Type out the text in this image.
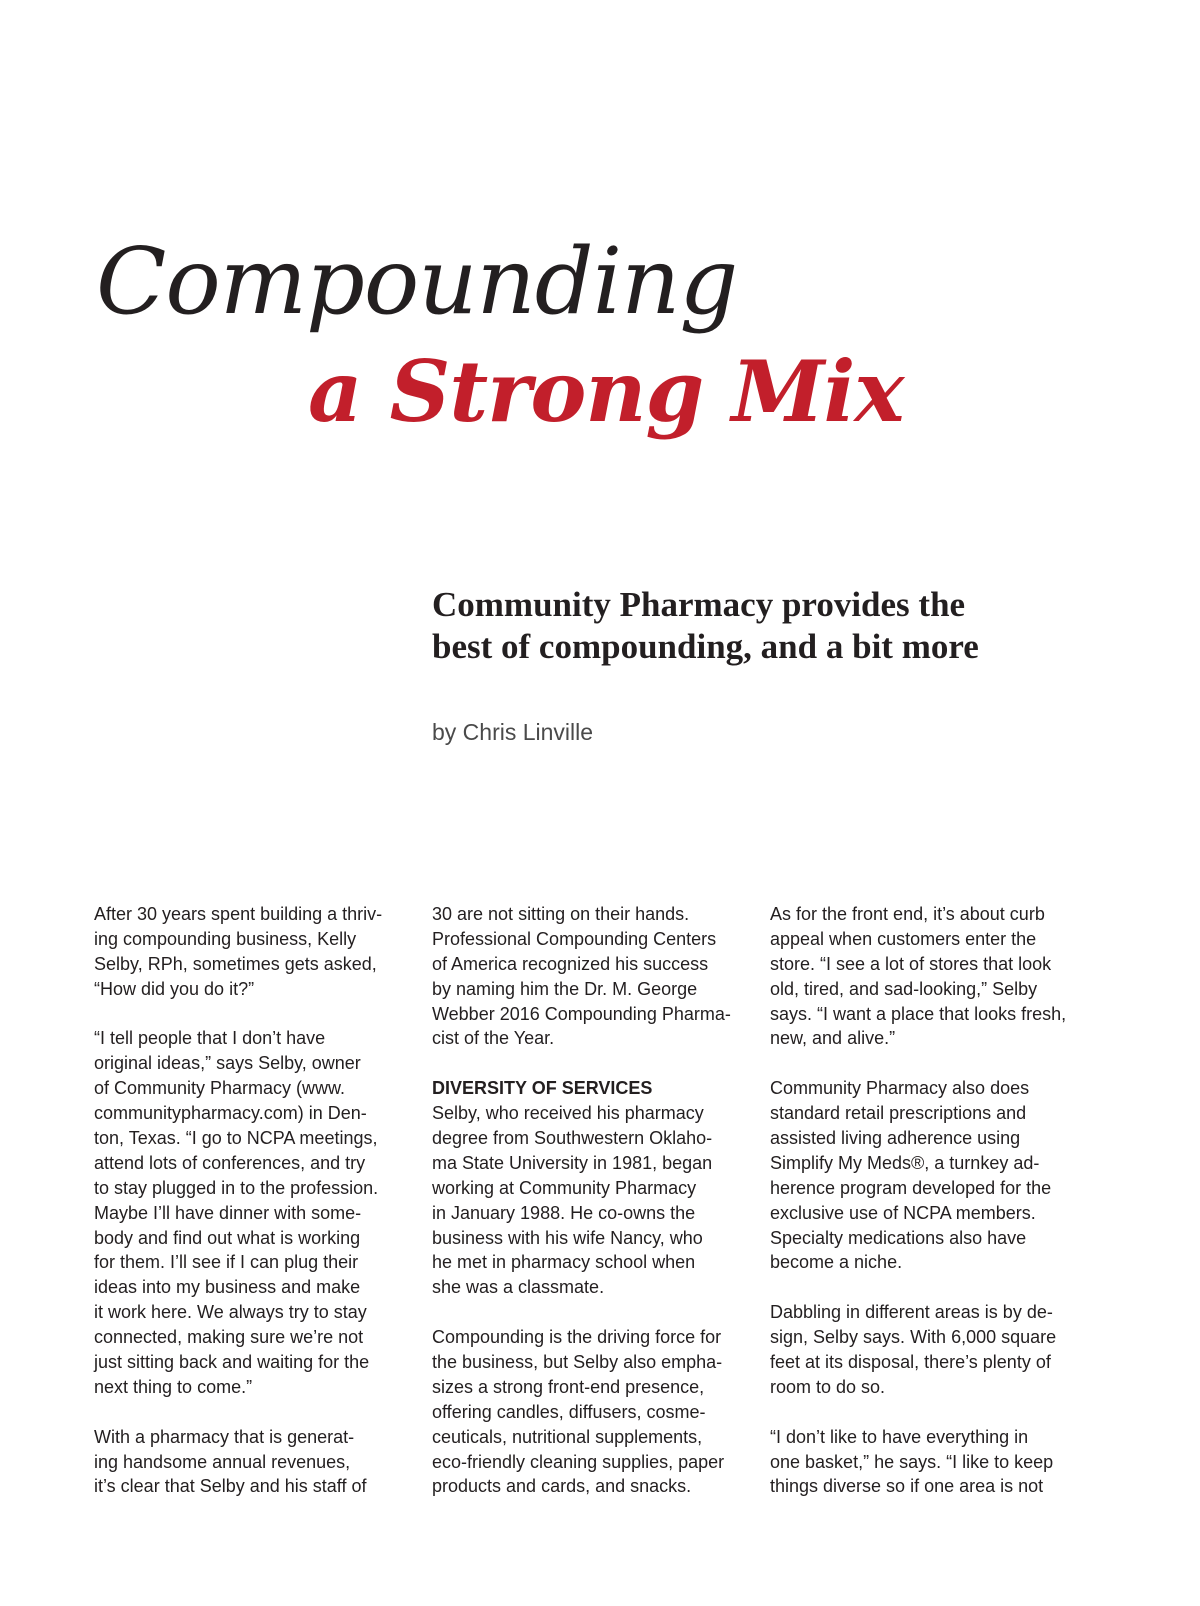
Compounding
a Strong Mix
Community Pharmacy provides the
best of compounding, and a bit more
by Chris Linville
After 30 years spent building a thriv-
ing compounding business, Kelly
Selby, RPh, sometimes gets asked,
“How did you do it?”
“I tell people that I don’t have
original ideas,” says Selby, owner
of Community Pharmacy (www.
communitypharmacy.com) in Den-
ton, Texas. “I go to NCPA meetings,
attend lots of conferences, and try
to stay plugged in to the profession.
Maybe I’ll have dinner with some-
body and find out what is working
for them. I’ll see if I can plug their
ideas into my business and make
it work here. We always try to stay
connected, making sure we’re not
just sitting back and waiting for the
next thing to come.”
With a pharmacy that is generat-
ing handsome annual revenues,
it’s clear that Selby and his staff of
30 are not sitting on their hands.
Professional Compounding Centers
of America recognized his success
by naming him the Dr. M. George
Webber 2016 Compounding Pharma-
cist of the Year.
DIVERSITY OF SERVICES
Selby, who received his pharmacy
degree from Southwestern Oklaho-
ma State University in 1981, began
working at Community Pharmacy
in January 1988. He co-owns the
business with his wife Nancy, who
he met in pharmacy school when
she was a classmate.
Compounding is the driving force for
the business, but Selby also empha-
sizes a strong front-end presence,
offering candles, diffusers, cosme-
ceuticals, nutritional supplements,
eco-friendly cleaning supplies, paper
products and cards, and snacks.
As for the front end, it’s about curb
appeal when customers enter the
store. “I see a lot of stores that look
old, tired, and sad-looking,” Selby
says. “I want a place that looks fresh,
new, and alive.”
Community Pharmacy also does
standard retail prescriptions and
assisted living adherence using
Simplify My Meds®, a turnkey ad-
herence program developed for the
exclusive use of NCPA members.
Specialty medications also have
become a niche.
Dabbling in different areas is by de-
sign, Selby says. With 6,000 square
feet at its disposal, there’s plenty of
room to do so.
“I don’t like to have everything in
one basket,” he says. “I like to keep
things diverse so if one area is not
